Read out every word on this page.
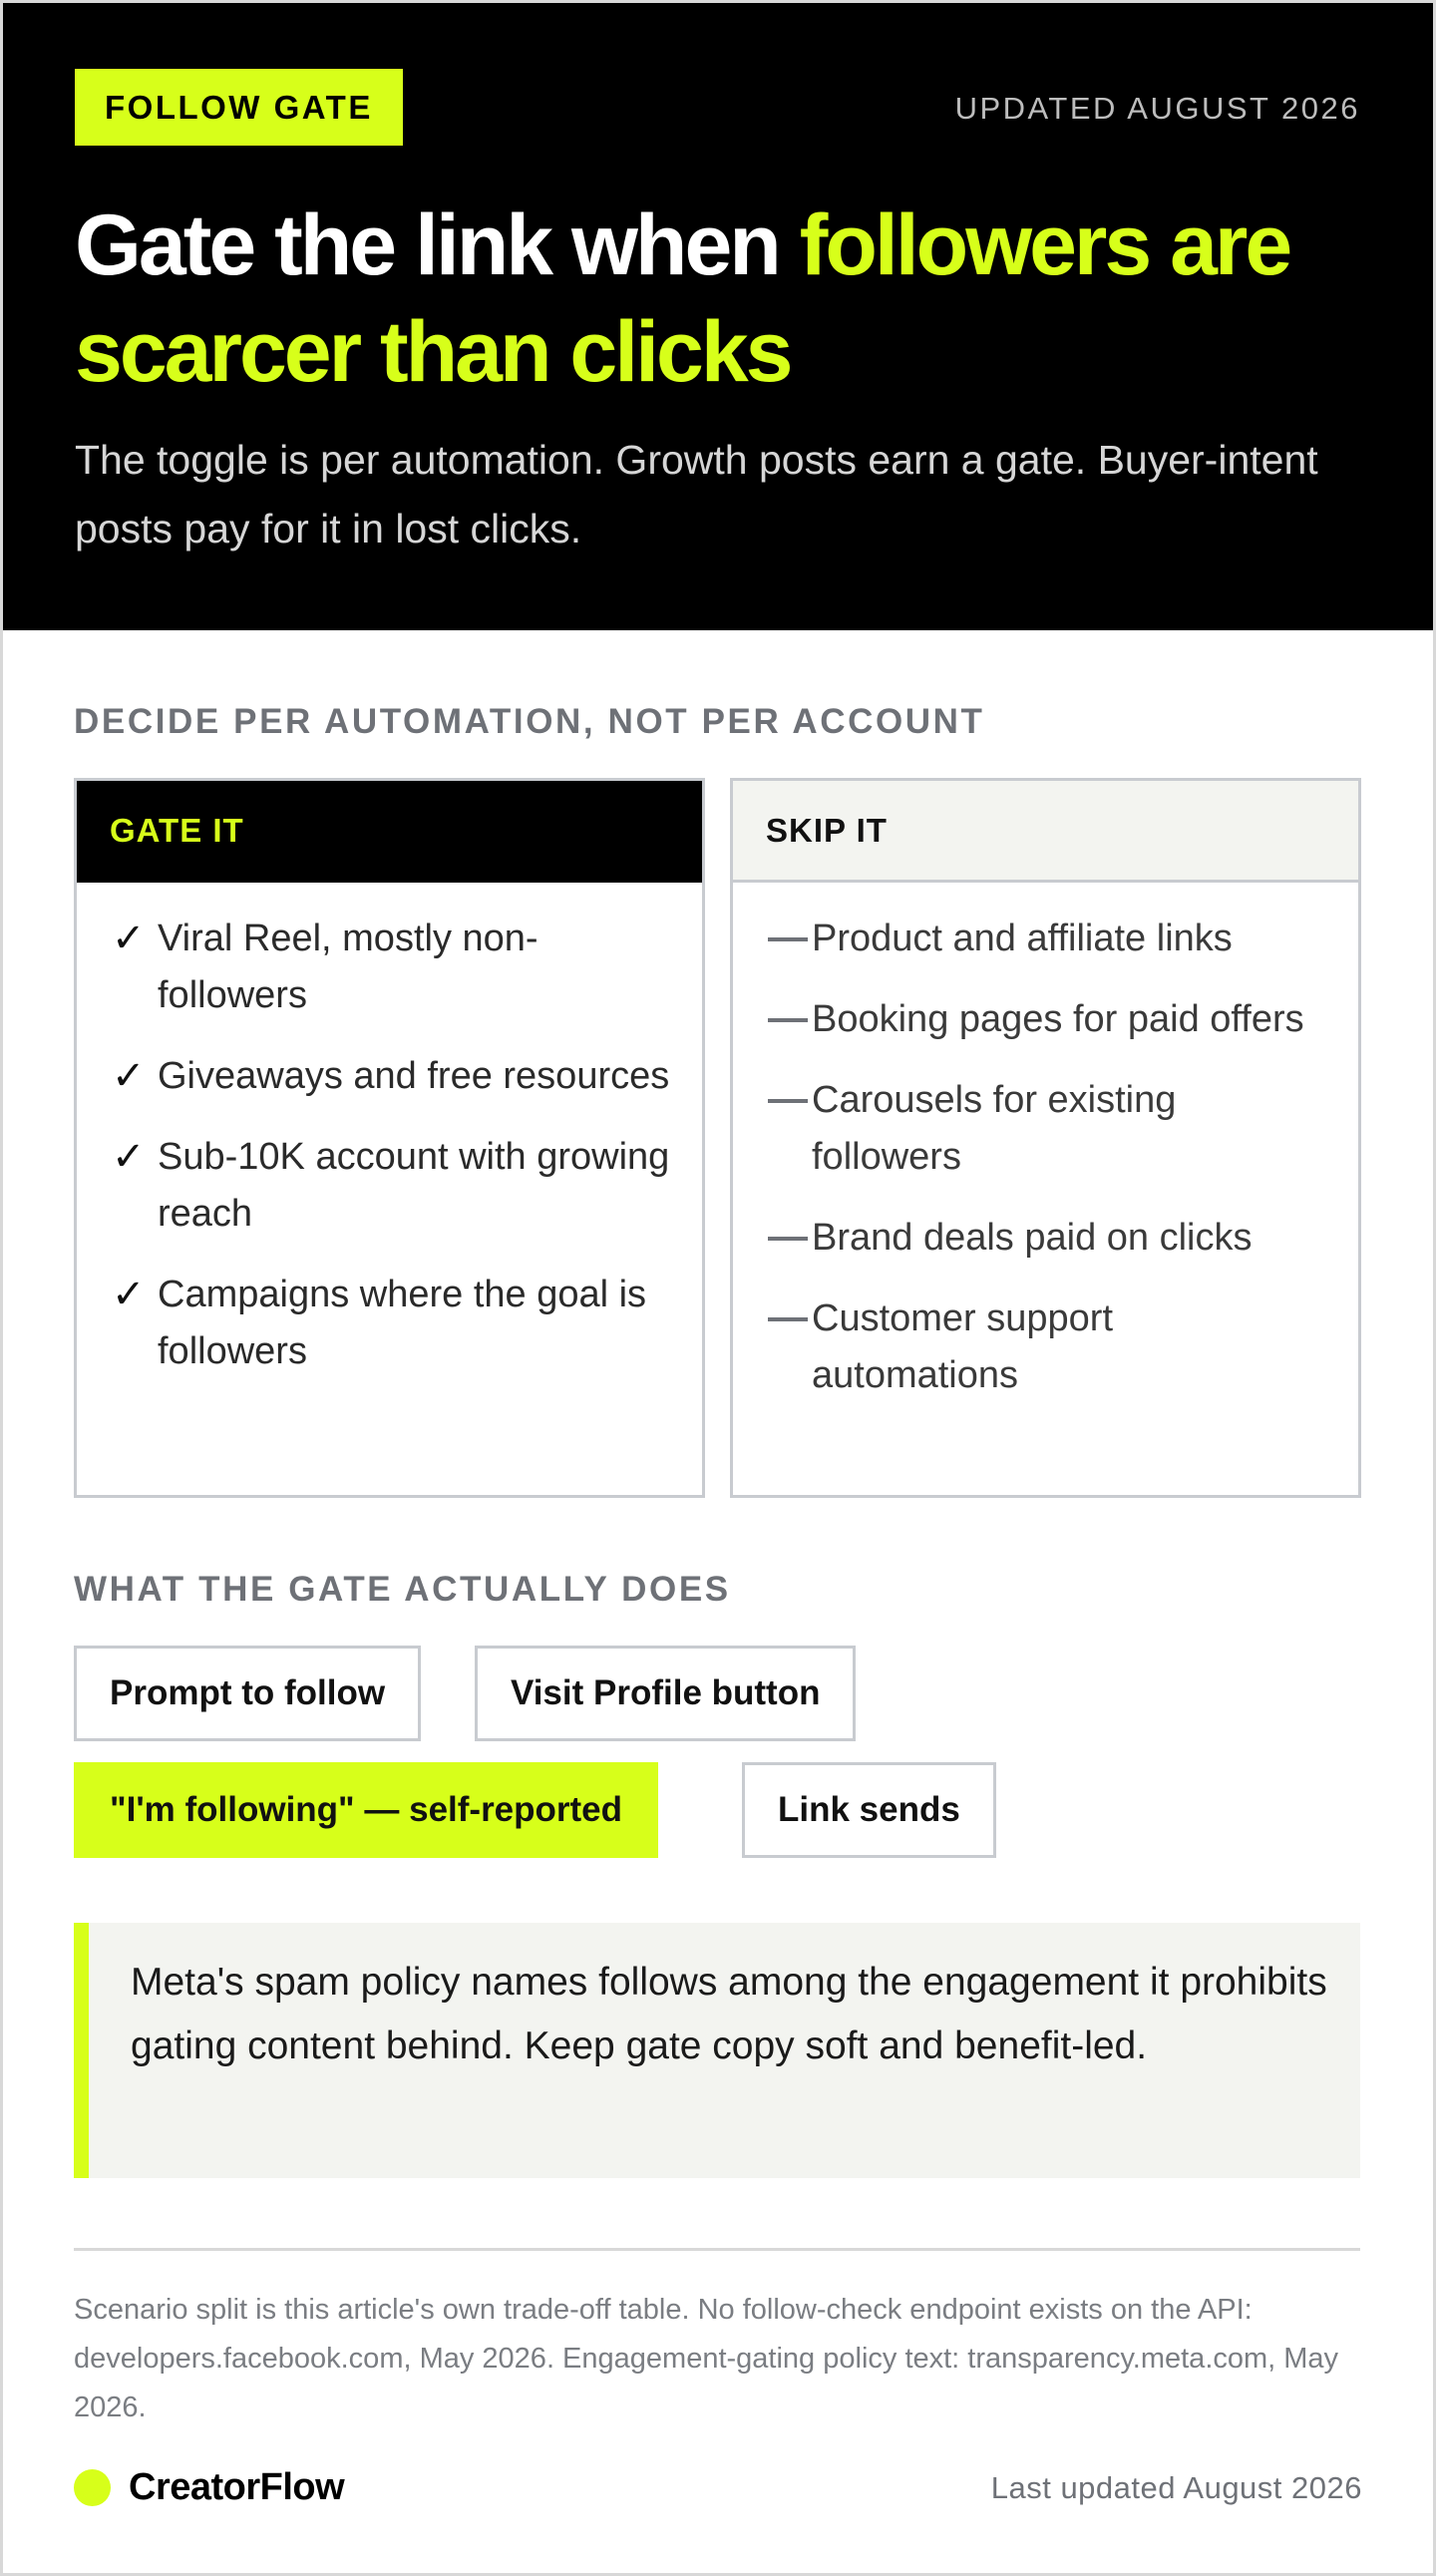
FOLLOW GATE	UPDATED AUGUST 2026
Gate the link when followers are scarcer than clicks

The toggle is per automation. Growth posts earn a gate. Buyer-intent posts pay for it in lost clicks.

DECIDE PER AUTOMATION, NOT PER ACCOUNT
GATE IT
✓ Viral Reel, mostly non-followers
✓ Giveaways and free resources
✓ Sub-10K account with growing reach
✓ Campaigns where the goal is followers
SKIP IT
Product and affiliate links
Booking pages for paid offers
Carousels for existing followers
Brand deals paid on clicks
Customer support automations
WHAT THE GATE ACTUALLY DOES
Prompt to follow	Visit Profile button
"I'm following" — self-reported	Link sends

Meta's spam policy names follows among the engagement it prohibits gating content behind. Keep gate copy soft and benefit-led.

Scenario split is this article's own trade-off table. No follow-check endpoint exists on the API: developers.facebook.com, May 2026. Engagement-gating policy text: transparency.meta.com, May 2026.

CreatorFlow	Last updated August 2026
